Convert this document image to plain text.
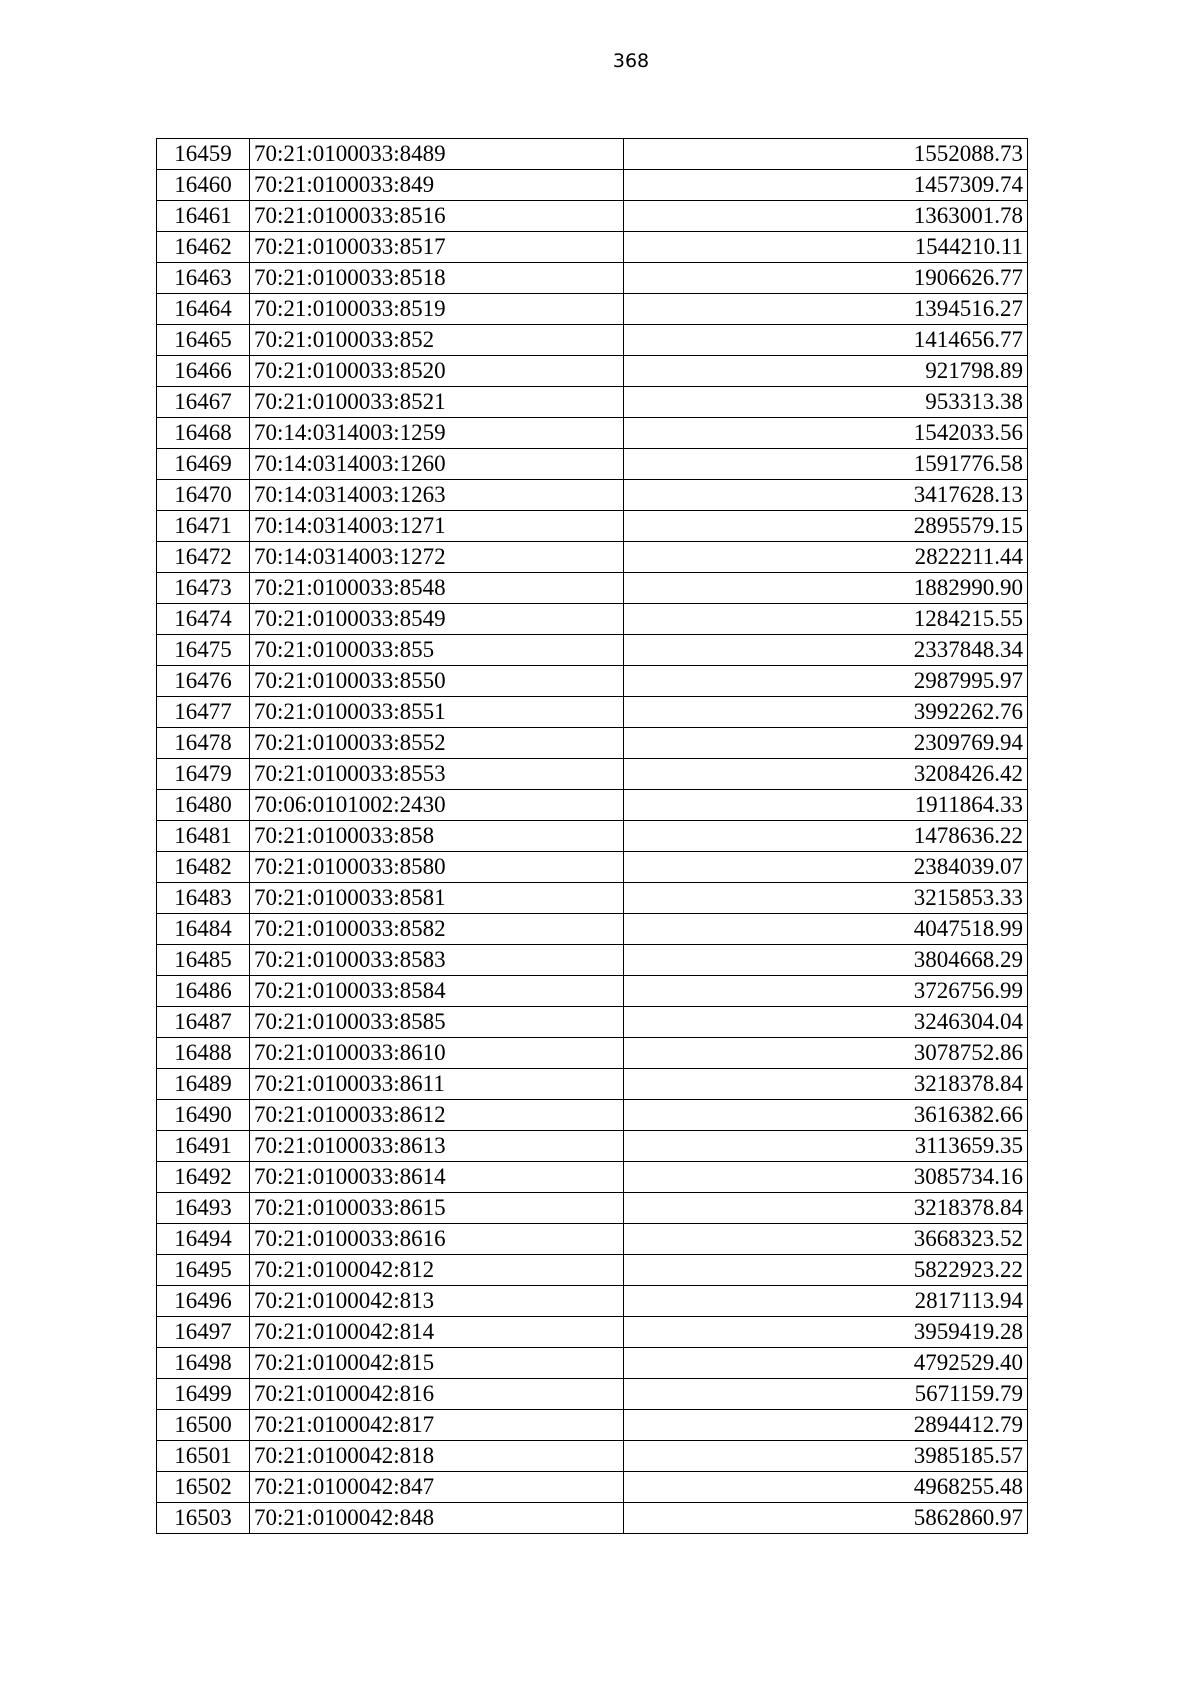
368
16459	70:21:0100033:8489	1552088.73
16460	70:21:0100033:849	1457309.74
16461	70:21:0100033:8516	1363001.78
16462	70:21:0100033:8517	1544210.11
16463	70:21:0100033:8518	1906626.77
16464	70:21:0100033:8519	1394516.27
16465	70:21:0100033:852	1414656.77
16466	70:21:0100033:8520	921798.89
16467	70:21:0100033:8521	953313.38
16468	70:14:0314003:1259	1542033.56
16469	70:14:0314003:1260	1591776.58
16470	70:14:0314003:1263	3417628.13
16471	70:14:0314003:1271	2895579.15
16472	70:14:0314003:1272	2822211.44
16473	70:21:0100033:8548	1882990.90
16474	70:21:0100033:8549	1284215.55
16475	70:21:0100033:855	2337848.34
16476	70:21:0100033:8550	2987995.97
16477	70:21:0100033:8551	3992262.76
16478	70:21:0100033:8552	2309769.94
16479	70:21:0100033:8553	3208426.42
16480	70:06:0101002:2430	1911864.33
16481	70:21:0100033:858	1478636.22
16482	70:21:0100033:8580	2384039.07
16483	70:21:0100033:8581	3215853.33
16484	70:21:0100033:8582	4047518.99
16485	70:21:0100033:8583	3804668.29
16486	70:21:0100033:8584	3726756.99
16487	70:21:0100033:8585	3246304.04
16488	70:21:0100033:8610	3078752.86
16489	70:21:0100033:8611	3218378.84
16490	70:21:0100033:8612	3616382.66
16491	70:21:0100033:8613	3113659.35
16492	70:21:0100033:8614	3085734.16
16493	70:21:0100033:8615	3218378.84
16494	70:21:0100033:8616	3668323.52
16495	70:21:0100042:812	5822923.22
16496	70:21:0100042:813	2817113.94
16497	70:21:0100042:814	3959419.28
16498	70:21:0100042:815	4792529.40
16499	70:21:0100042:816	5671159.79
16500	70:21:0100042:817	2894412.79
16501	70:21:0100042:818	3985185.57
16502	70:21:0100042:847	4968255.48
16503	70:21:0100042:848	5862860.97
